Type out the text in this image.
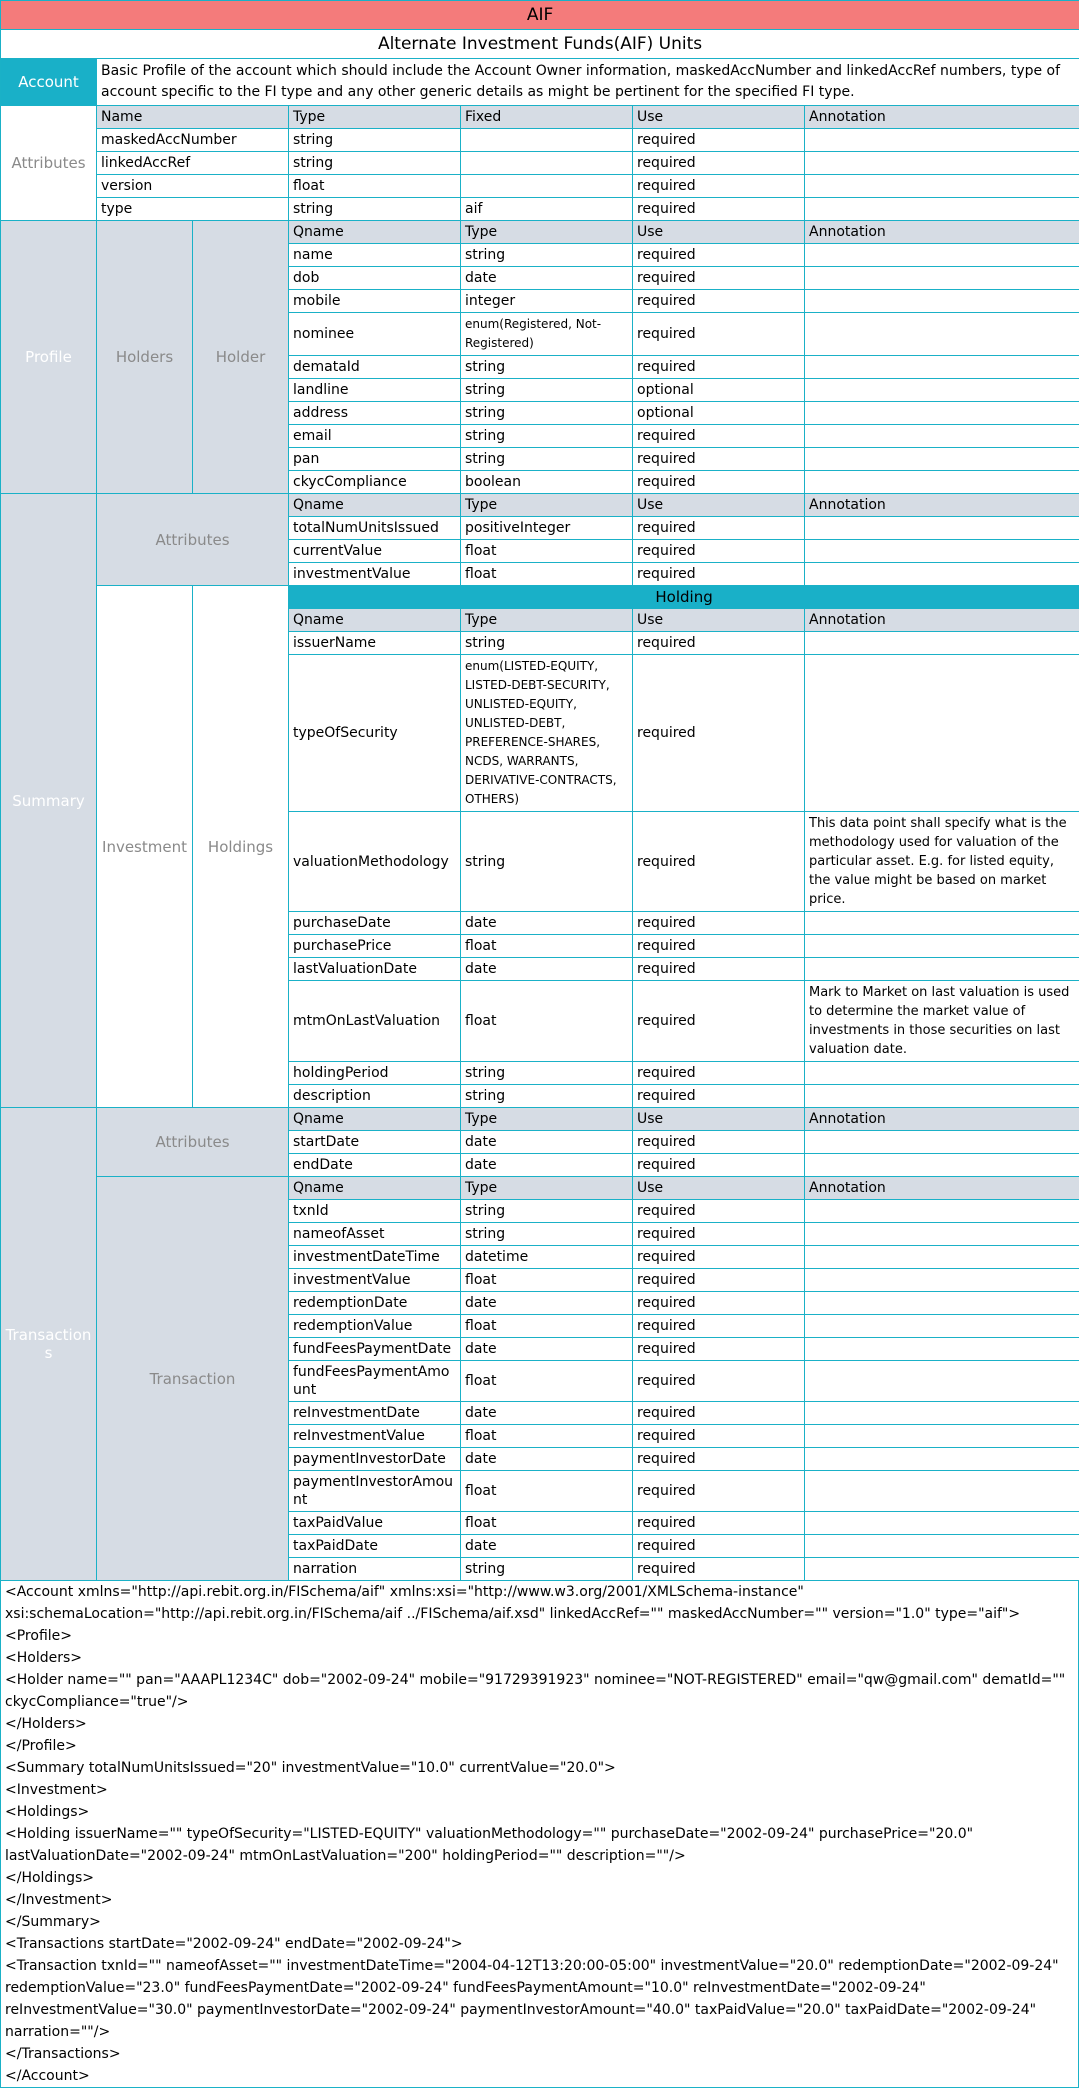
AIF						
Alternate Investment Funds(AIF) Units						
Account	Basic Profile of the account which should include the Account Owner information, maskedAccNumber and linkedAccRef numbers, type of account specific to the FI type and any other generic details as might be pertinent for the specified FI type.					
Attributes	Name		Type	Fixed	Use	Annotation
	maskedAccNumber		string		required	
	linkedAccRef		string		required	
	version		float		required	
	type		string	aif	required	
Profile	Holders	Holder	Qname	Type	Use	Annotation
			name	string	required	
			dob	date	required	
			mobile	integer	required	
			nominee	enum(Registered, Not-Registered)	required	
			demataId	string	required	
			landline	string	optional	
			address	string	optional	
			email	string	required	
			pan	string	required	
			ckycCompliance	boolean	required	
Summary	Attributes		Qname	Type	Use	Annotation
			totalNumUnitsIssued	positiveInteger	required	
			currentValue	float	required	
			investmentValue	float	required	
	Investment	Holdings	Holding			
			Qname	Type	Use	Annotation
			issuerName	string	required	
			typeOfSecurity	enum(LISTED-EQUITY, LISTED-DEBT-SECURITY, UNLISTED-EQUITY, UNLISTED-DEBT, PREFERENCE-SHARES, NCDS, WARRANTS, DERIVATIVE-CONTRACTS, OTHERS)	required	
			valuationMethodology	string	required	This data point shall specify what is the methodology used for valuation of the particular asset. E.g. for listed equity, the value might be based on market price.
			purchaseDate	date	required	
			purchasePrice	float	required	
			lastValuationDate	date	required	
			mtmOnLastValuation	float	required	Mark to Market on last valuation is used to determine the market value of investments in those securities on last valuation date.
			holdingPeriod	string	required	
			description	string	required	
Transactions	Attributes		Qname	Type	Use	Annotation
			startDate	date	required	
			endDate	date	required	
	Transaction		Qname	Type	Use	Annotation
			txnId	string	required	
			nameofAsset	string	required	
			investmentDateTime	datetime	required	
			investmentValue	float	required	
			redemptionDate	date	required	
			redemptionValue	float	required	
			fundFeesPaymentDate	date	required	
			fundFeesPaymentAmount	float	required	
			reInvestmentDate	date	required	
			reInvestmentValue	float	required	
			paymentInvestorDate	date	required	
			paymentInvestorAmount	float	required	
			taxPaidValue	float	required	
			taxPaidDate	date	required	
			narration	string	required	
<Account xmlns="http://api.rebit.org.in/FISchema/aif" xmlns:xsi="http://www.w3.org/2001/XMLSchema-instance" xsi:schemaLocation="http://api.rebit.org.in/FISchema/aif ../FISchema/aif.xsd" linkedAccRef="" maskedAccNumber="" version="1.0" type="aif">
<Profile>
<Holders>
<Holder name="" pan="AAAPL1234C" dob="2002-09-24" mobile="91729391923" nominee="NOT-REGISTERED" email="qw@gmail.com" dematId="" ckycCompliance="true"/>
</Holders>
</Profile>
<Summary totalNumUnitsIssued="20" investmentValue="10.0" currentValue="20.0">
<Investment>
<Holdings>
<Holding issuerName="" typeOfSecurity="LISTED-EQUITY" valuationMethodology="" purchaseDate="2002-09-24" purchasePrice="20.0" lastValuationDate="2002-09-24" mtmOnLastValuation="200" holdingPeriod="" description=""/>
</Holdings>
</Investment>
</Summary>
<Transactions startDate="2002-09-24" endDate="2002-09-24">
<Transaction txnId="" nameofAsset="" investmentDateTime="2004-04-12T13:20:00-05:00" investmentValue="20.0" redemptionDate="2002-09-24" redemptionValue="23.0" fundFeesPaymentDate="2002-09-24" fundFeesPaymentAmount="10.0" reInvestmentDate="2002-09-24" reInvestmentValue="30.0" paymentInvestorDate="2002-09-24" paymentInvestorAmount="40.0" taxPaidValue="20.0" taxPaidDate="2002-09-24" narration=""/>
</Transactions>
</Account>
